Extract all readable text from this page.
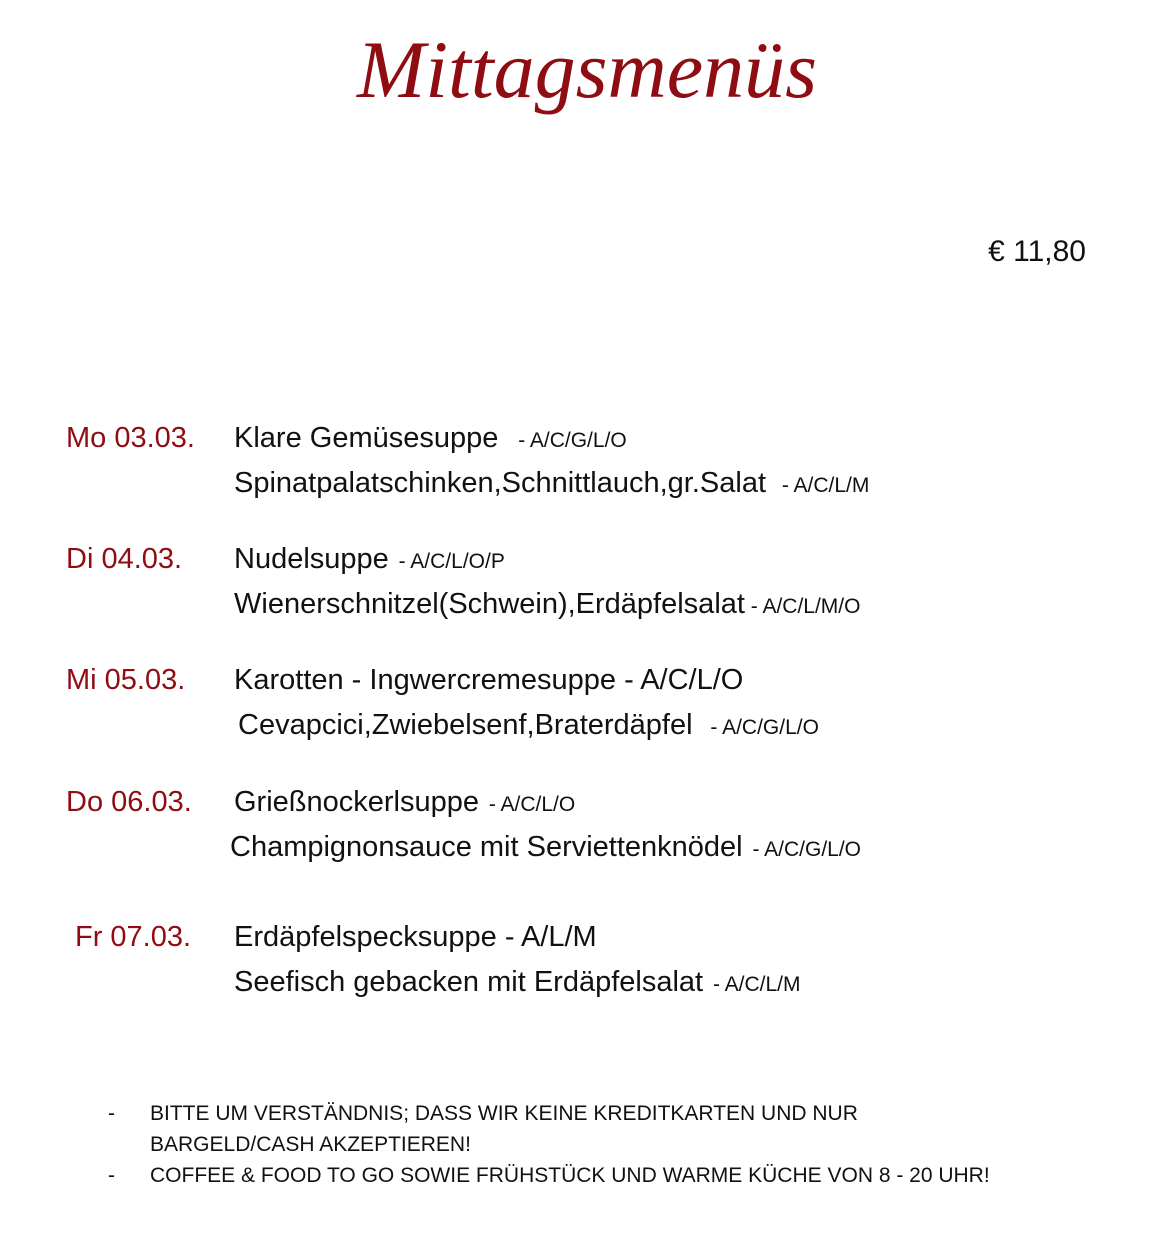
Mittagsmenüs
€ 11,80
Mo 03.03. Klare Gemüsesuppe - A/C/G/L/O
Spinatpalatschinken,Schnittlauch,gr.Salat - A/C/L/M
Di 04.03. Nudelsuppe - A/C/L/O/P
Wienerschnitzel(Schwein),Erdäpfelsalat - A/C/L/M/O
Mi 05.03. Karotten - Ingwercremesuppe - A/C/L/O
Cevapcici,Zwiebelsenf,Braterdäpfel - A/C/G/L/O
Do 06.03. Grießnockerlsuppe - A/C/L/O
Champignonsauce mit Serviettenknödel - A/C/G/L/O
Fr 07.03. Erdäpfelspecksuppe - A/L/M
Seefisch gebacken mit Erdäpfelsalat - A/C/L/M
- BITTE UM VERSTÄNDNIS; DASS WIR KEINE KREDITKARTEN UND NUR
BARGELD/CASH AKZEPTIEREN!
- COFFEE & FOOD TO GO SOWIE FRÜHSTÜCK UND WARME KÜCHE VON 8 - 20 UHR!
